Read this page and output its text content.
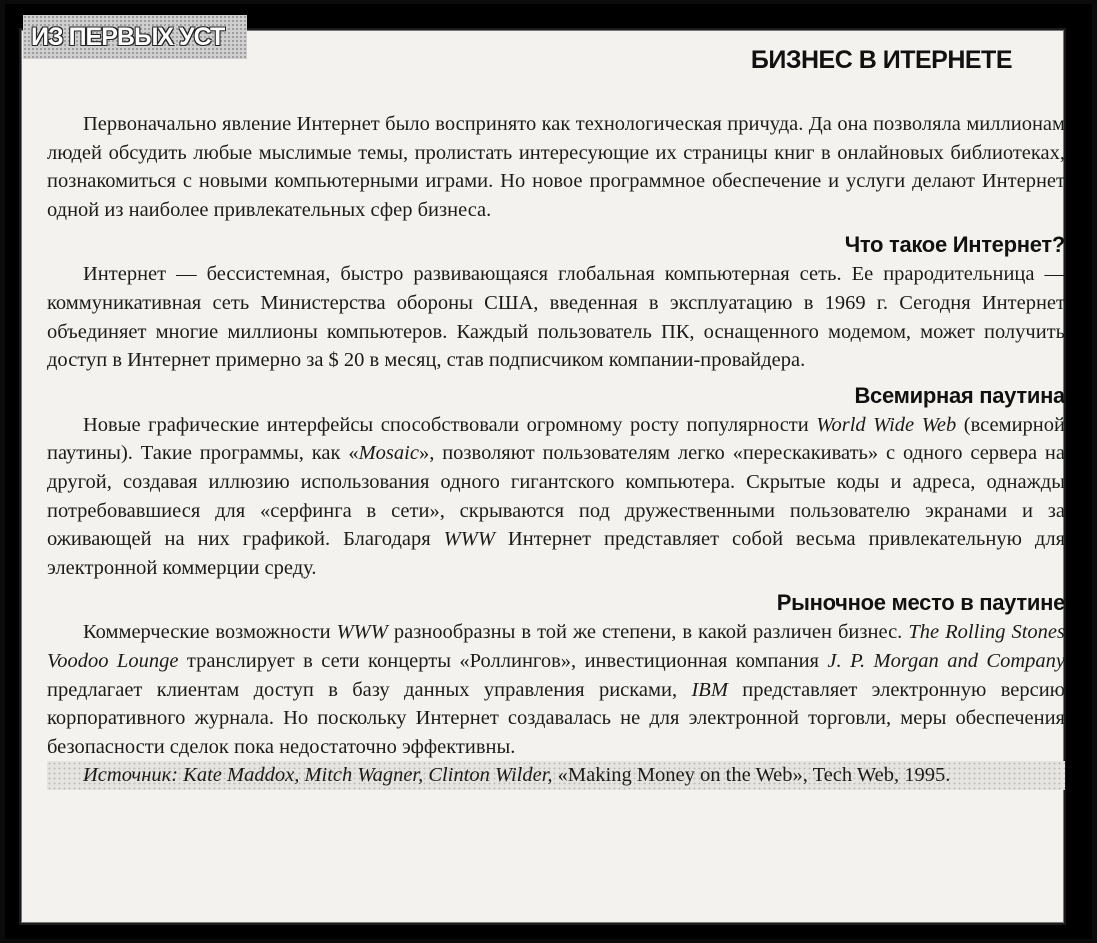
ИЗ ПЕРВЫХ УСТ
БИЗНЕС В ИТЕРНЕТЕ

Первоначально явление Интернет было воспринято как технологическая причуда. Да она позволяла миллионам людей обсудить любые мыслимые темы, пролистать интересующие их страницы книг в онлайновых библиотеках, познакомиться с новыми компьютерными играми. Но новое программное обеспечение и услуги делают Интернет одной из наиболее привлекательных сфер бизнеса.

Что такое Интернет?

Интернет — бессистемная, быстро развивающаяся глобальная компьютерная сеть. Ее прародительница — коммуникативная сеть Министерства обороны США, введенная в эксплуатацию в 1969 г. Сегодня Интернет объединяет многие миллионы компьютеров. Каждый пользователь ПК, оснащенного модемом, может получить доступ в Интернет примерно за $ 20 в месяц, став подписчиком компании-провайдера.

Всемирная паутина

Новые графические интерфейсы способствовали огромному росту популярности World Wide Web (всемирной паутины). Такие программы, как «Mosaic», позволяют пользователям легко «перескакивать» с одного сервера на другой, создавая иллюзию использования одного гигантского компьютера. Скрытые коды и адреса, однажды потребовавшиеся для «серфинга в сети», скрываются под дружественными пользователю экранами и за оживающей на них графикой. Благодаря WWW Интернет представляет собой весьма привлекательную для электронной коммерции среду.

Рыночное место в паутине

Коммерческие возможности WWW разнообразны в той же степени, в какой различен бизнес. The Rolling Stones Voodoo Lounge транслирует в сети концерты «Роллингов», инвестиционная компания J. P. Morgan and Company предлагает клиентам доступ в базу данных управления рисками, IBM представляет электронную версию корпоративного журнала. Но поскольку Интернет создавалась не для электронной торговли, меры обеспечения безопасности сделок пока недостаточно эффективны.

Источник: Kate Maddox, Mitch Wagner, Clinton Wilder, «Making Money on the Web», Tech Web, 1995.
